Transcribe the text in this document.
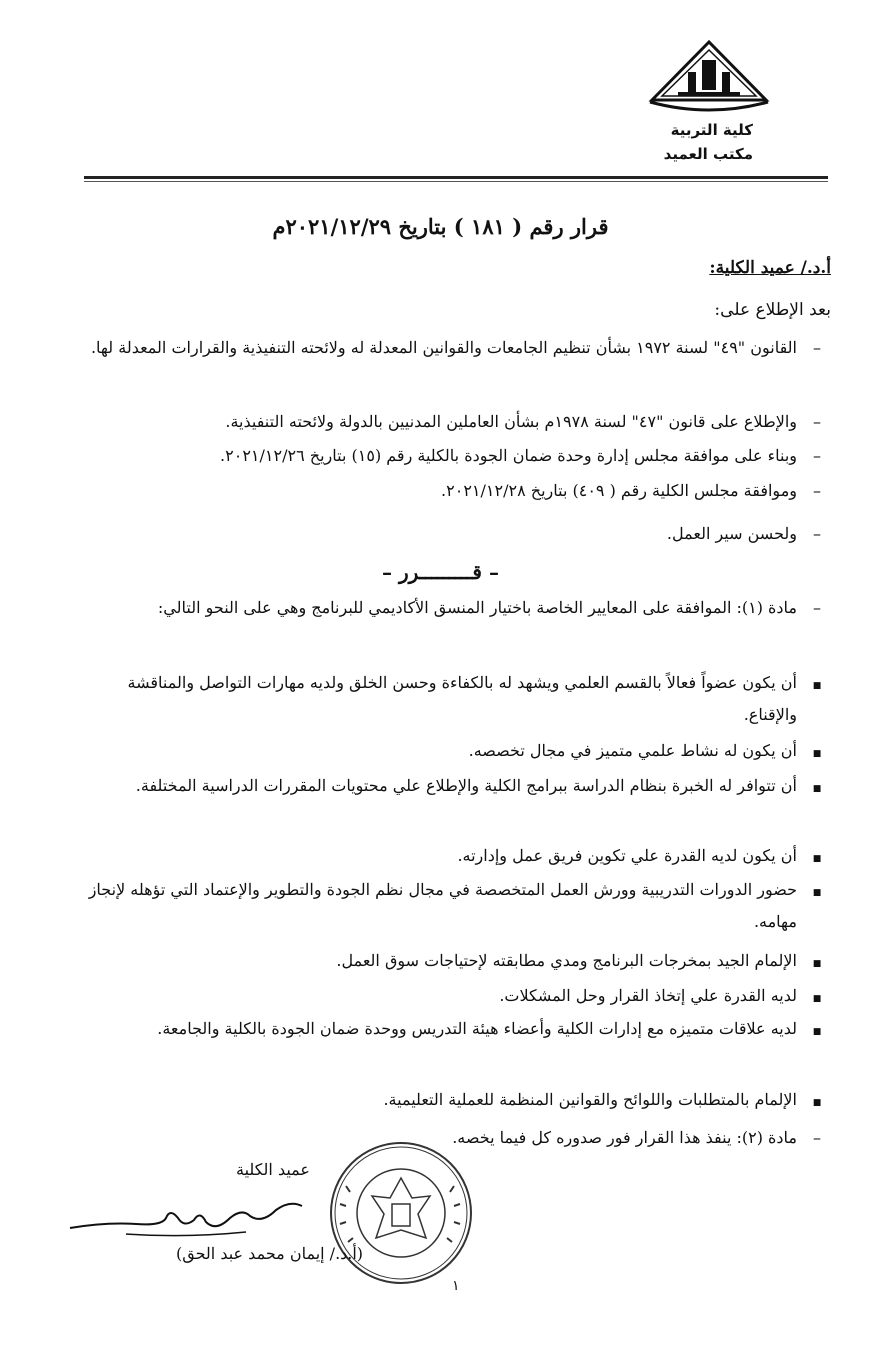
كلية التربية
مكتب العميد
قرار رقم ( ١٨١ ) بتاريخ ٢٠٢١/١٢/٢٩م
أ.د./ عميد الكلية:
بعد الإطلاع على:
–
القانون "٤٩" لسنة ١٩٧٢ بشأن تنظيم الجامعات والقوانين المعدلة له ولائحته التنفيذية والقرارات المعدلة لها.
–
والإطلاع على قانون "٤٧" لسنة ١٩٧٨م بشأن العاملين المدنيين بالدولة ولائحته التنفيذية.
–
وبناء على موافقة مجلس إدارة وحدة ضمان الجودة بالكلية رقم (١٥) بتاريخ ٢٠٢١/١٢/٢٦.
–
وموافقة مجلس الكلية رقم ( ٤٠٩) بتاريخ ٢٠٢١/١٢/٢٨.
–
ولحسن سير العمل.
– قـــــــــرر –
–
مادة (١): الموافقة على المعايير الخاصة باختيار المنسق الأكاديمي للبرنامج وهي على النحو التالي:
■
أن يكون عضواً فعالاً بالقسم العلمي ويشهد له بالكفاءة وحسن الخلق ولديه مهارات التواصل والمناقشة والإقناع.
■
أن يكون له نشاط علمي متميز في مجال تخصصه.
■
أن تتوافر له الخبرة بنظام الدراسة ببرامج الكلية والإطلاع علي محتويات المقررات الدراسية المختلفة.
■
أن يكون لديه القدرة علي تكوين فريق عمل وإدارته.
■
حضور الدورات التدريبية وورش العمل المتخصصة في مجال نظم الجودة والتطوير والإعتماد التي تؤهله لإنجاز مهامه.
■
الإلمام الجيد بمخرجات البرنامج ومدي مطابقته لإحتياجات سوق العمل.
■
لديه القدرة علي إتخاذ القرار وحل المشكلات.
■
لديه علاقات متميزه مع إدارات الكلية وأعضاء هيئة التدريس ووحدة ضمان الجودة بالكلية والجامعة.
■
الإلمام بالمتطلبات واللوائح والقوانين المنظمة للعملية التعليمية.
–
مادة (٢): ينفذ هذا القرار فور صدوره كل فيما يخصه.
عميد الكلية
(أ.د./ إيمان محمد عبد الحق)
١
